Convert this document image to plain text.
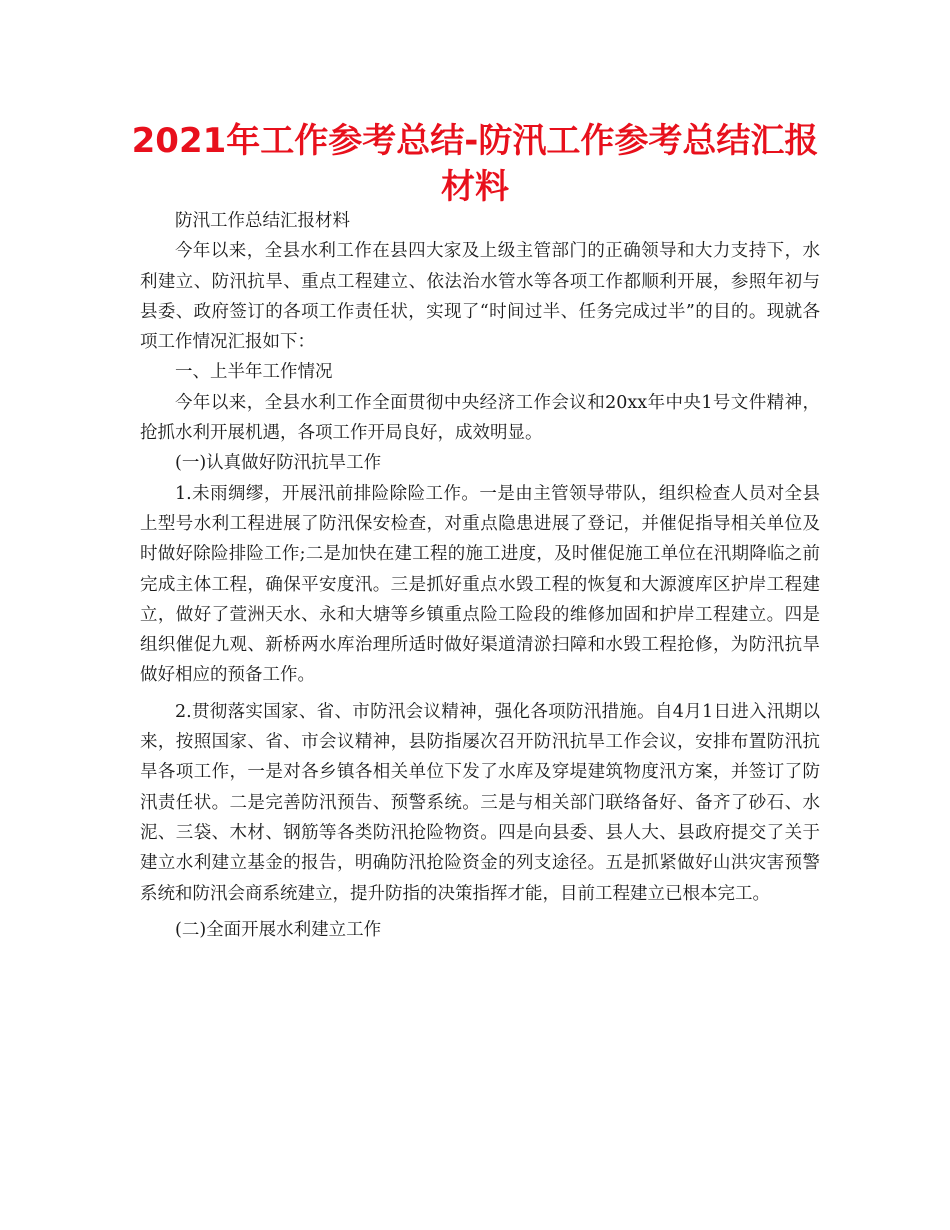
2021年工作参考总结-防汛工作参考总结汇报材料

防汛工作总结汇报材料

今年以来，全县水利工作在县四大家及上级主管部门的正确领导和大力支持下，水利建立、防汛抗旱、重点工程建立、依法治水管水等各项工作都顺利开展，参照年初与县委、政府签订的各项工作责任状，实现了“时间过半、任务完成过半”的目的。现就各项工作情况汇报如下：

一、上半年工作情况

今年以来，全县水利工作全面贯彻中央经济工作会议和20xx年中央1号文件精神，抢抓水利开展机遇，各项工作开局良好，成效明显。

(一)认真做好防汛抗旱工作

1.未雨绸缪，开展汛前排险除险工作。一是由主管领导带队，组织检查人员对全县上型号水利工程进展了防汛保安检查，对重点隐患进展了登记，并催促指导相关单位及时做好除险排险工作;二是加快在建工程的施工进度，及时催促施工单位在汛期降临之前完成主体工程，确保平安度汛。三是抓好重点水毁工程的恢复和大源渡库区护岸工程建立，做好了萱洲天水、永和大塘等乡镇重点险工险段的维修加固和护岸工程建立。四是组织催促九观、新桥两水库治理所适时做好渠道清淤扫障和水毁工程抢修，为防汛抗旱做好相应的预备工作。

2.贯彻落实国家、省、市防汛会议精神，强化各项防汛措施。自4月1日进入汛期以来，按照国家、省、市会议精神，县防指屡次召开防汛抗旱工作会议，安排布置防汛抗旱各项工作，一是对各乡镇各相关单位下发了水库及穿堤建筑物度汛方案，并签订了防汛责任状。二是完善防汛预告、预警系统。三是与相关部门联络备好、备齐了砂石、水泥、三袋、木材、钢筋等各类防汛抢险物资。四是向县委、县人大、县政府提交了关于建立水利建立基金的报告，明确防汛抢险资金的列支途径。五是抓紧做好山洪灾害预警系统和防汛会商系统建立，提升防指的决策指挥才能，目前工程建立已根本完工。

(二)全面开展水利建立工作
